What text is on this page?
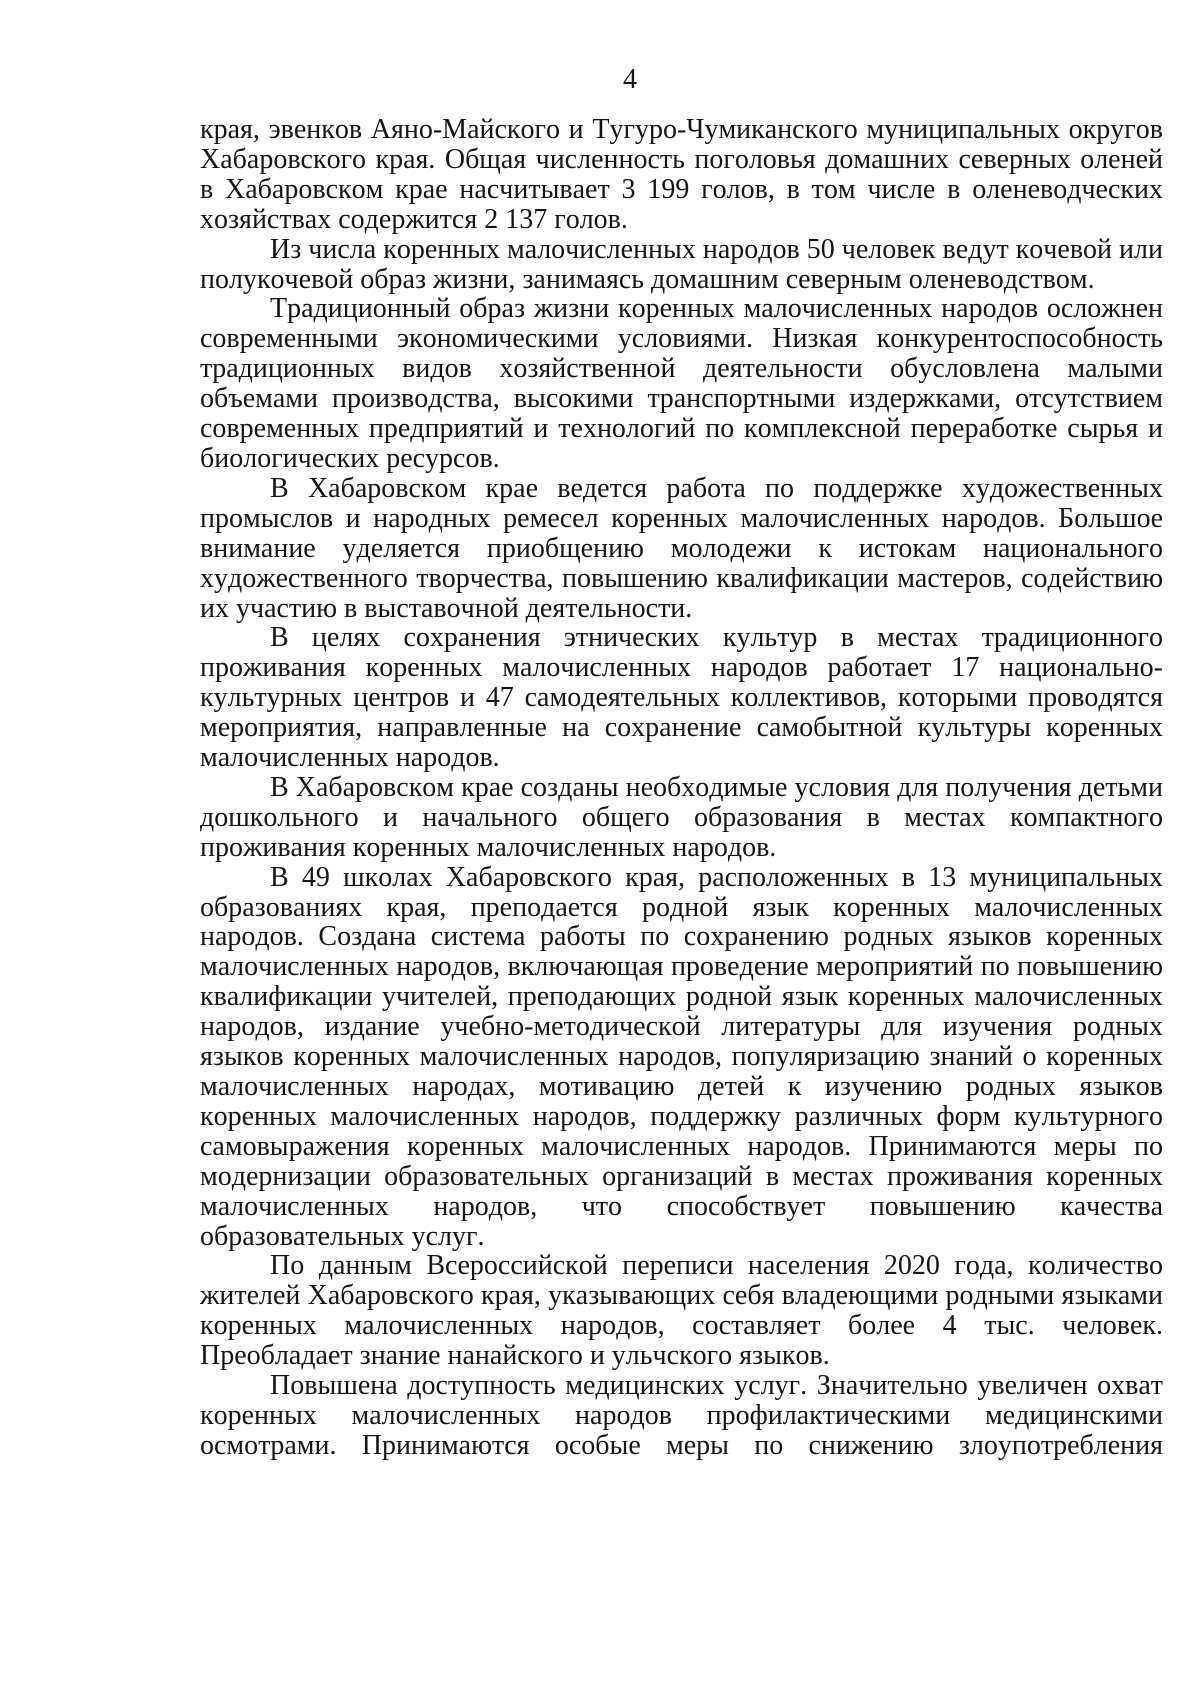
4

края, эвенков Аяно-Майского и Тугуро-Чумиканского муниципальных округов Хабаровского края. Общая численность поголовья домашних северных оленей в Хабаровском крае насчитывает 3 199 голов, в том числе в оленеводческих хозяйствах содержится 2 137 голов.

Из числа коренных малочисленных народов 50 человек ведут кочевой или полукочевой образ жизни, занимаясь домашним северным оленеводством.

Традиционный образ жизни коренных малочисленных народов осложнен современными экономическими условиями. Низкая конкурентоспособность традиционных видов хозяйственной деятельности обусловлена малыми объемами производства, высокими транспортными издержками, отсутствием современных предприятий и технологий по комплексной переработке сырья и биологических ресурсов.

В Хабаровском крае ведется работа по поддержке художественных промыслов и народных ремесел коренных малочисленных народов. Большое внимание уделяется приобщению молодежи к истокам национального художественного творчества, повышению квалификации мастеров, содействию их участию в выставочной деятельности.

В целях сохранения этнических культур в местах традиционного проживания коренных малочисленных народов работает 17 национально-культурных центров и 47 самодеятельных коллективов, которыми проводятся мероприятия, направленные на сохранение самобытной культуры коренных малочисленных народов.

В Хабаровском крае созданы необходимые условия для получения детьми дошкольного и начального общего образования в местах компактного проживания коренных малочисленных народов.

В 49 школах Хабаровского края, расположенных в 13 муниципальных образованиях края, преподается родной язык коренных малочисленных народов. Создана система работы по сохранению родных языков коренных малочисленных народов, включающая проведение мероприятий по повышению квалификации учителей, преподающих родной язык коренных малочисленных народов, издание учебно-методической литературы для изучения родных языков коренных малочисленных народов, популяризацию знаний о коренных малочисленных народах, мотивацию детей к изучению родных языков коренных малочисленных народов, поддержку различных форм культурного самовыражения коренных малочисленных народов. Принимаются меры по модернизации образовательных организаций в местах проживания коренных малочисленных народов, что способствует повышению качества образовательных услуг.

По данным Всероссийской переписи населения 2020 года, количество жителей Хабаровского края, указывающих себя владеющими родными языками коренных малочисленных народов, составляет более 4 тыс. человек. Преобладает знание нанайского и ульчского языков.

Повышена доступность медицинских услуг. Значительно увеличен охват коренных малочисленных народов профилактическими медицинскими осмотрами. Принимаются особые меры по снижению злоупотребления
